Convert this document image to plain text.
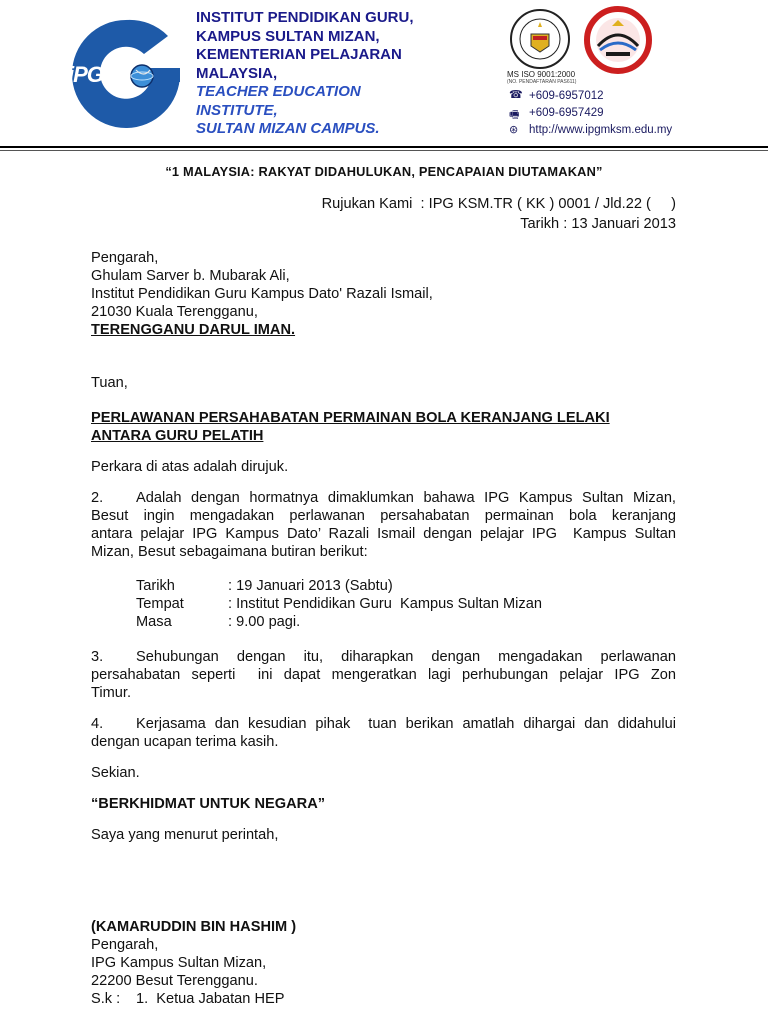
iPG
INSTITUT PENDIDIKAN GURU,
KAMPUS SULTAN MIZAN,
KEMENTERIAN PELAJARAN
MALAYSIA,
TEACHER EDUCATION
INSTITUTE,
SULTAN MIZAN CAMPUS.
MS ISO 9001:2000
(NO. PENDAFTARAN PAS611)
☎ +609-6957012
🖷 +609-6957429
⊛ http://www.ipgmksm.edu.my
“1 MALAYSIA: RAKYAT DIDAHULUKAN, PENCAPAIAN DIUTAMAKAN”
Rujukan Kami  : IPG KSM.TR ( KK ) 0001 / Jld.22 (     )
Tarikh : 13 Januari 2013
Pengarah,
Ghulam Sarver b. Mubarak Ali,
Institut Pendidikan Guru Kampus Dato' Razali Ismail,
21030 Kuala Terengganu,
TERENGGANU DARUL IMAN.
Tuan,
PERLAWANAN PERSAHABATAN PERMAINAN BOLA KERANJANG LELAKI
ANTARA GURU PELATIH
Perkara di atas adalah dirujuk.
2.	Adalah dengan hormatnya dimaklumkan bahawa IPG Kampus Sultan Mizan,
Besut ingin mengadakan perlawanan persahabatan permainan bola keranjang
antara pelajar IPG Kampus Dato’ Razali Ismail dengan pelajar IPG  Kampus Sultan
Mizan, Besut sebagaimana butiran berikut:
Tarikh	: 19 Januari 2013 (Sabtu)
Tempat	: Institut Pendidikan Guru  Kampus Sultan Mizan
Masa	: 9.00 pagi.
3.	Sehubungan dengan itu, diharapkan dengan mengadakan perlawanan
persahabatan seperti  ini dapat mengeratkan lagi perhubungan pelajar IPG Zon
Timur.
4.	Kerjasama dan kesudian pihak  tuan berikan amatlah dihargai dan didahului
dengan ucapan terima kasih.
Sekian.
“BERKHIDMAT UNTUK NEGARA”
Saya yang menurut perintah,
(KAMARUDDIN BIN HASHIM )
Pengarah,
IPG Kampus Sultan Mizan,
22200 Besut Terengganu.
S.k :	1.  Ketua Jabatan HEP
